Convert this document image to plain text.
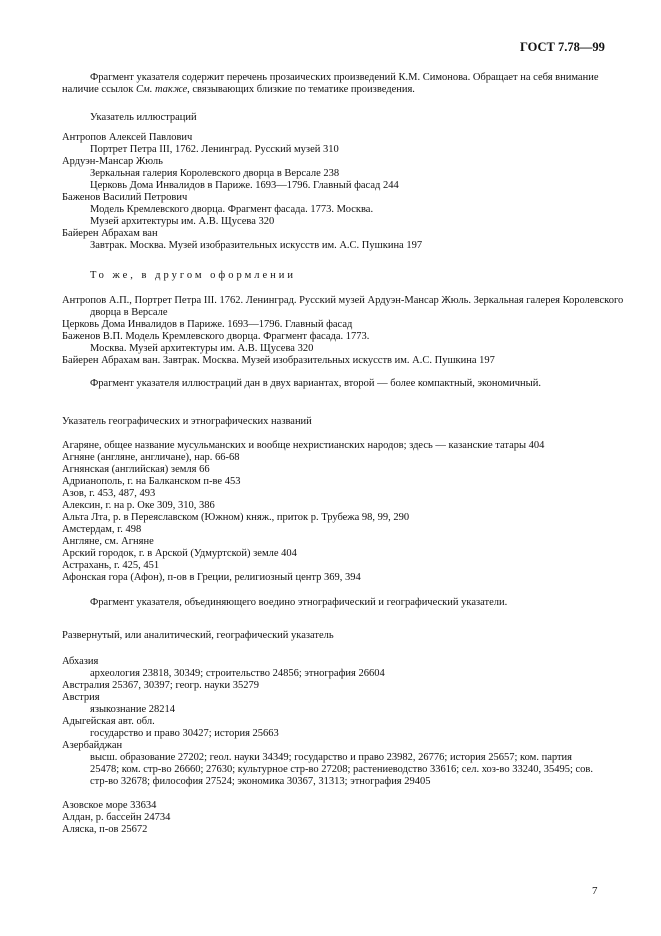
ГОСТ 7.78—99
Фрагмент указателя содержит перечень прозаических произведений К.М. Симонова. Обращает на себя внимание наличие ссылок См. также, связывающих близкие по тематике произведения.
Указатель иллюстраций
Антропов Алексей Павлович
Портрет Петра III, 1762. Ленинград. Русский музей 310
Ардуэн-Мансар Жюль
Зеркальная галерия Королевского дворца в Версале 238
Церковь Дома Инвалидов в Париже. 1693—1796. Главный фасад 244
Баженов Василий Петрович
Модель Кремлевского дворца. Фрагмент фасада. 1773. Москва.
Музей архитектуры им. А.В. Щусева 320
Байерен Абрахам ван
Завтрак. Москва. Музей изобразительных искусств им. А.С. Пушкина 197
То же, в другом оформлении
Антропов А.П., Портрет Петра III. 1762. Ленинград. Русский музей Ардуэн-Мансар Жюль. Зеркальная галерея Королевского дворца в Версале
Церковь Дома Инвалидов в Париже. 1693—1796. Главный фасад
Баженов В.П. Модель Кремлевского дворца. Фрагмент фасада. 1773.
Москва. Музей архитектуры им. А.В. Щусева 320
Байерен Абрахам ван. Завтрак. Москва. Музей изобразительных искусств им. А.С. Пушкина 197
Фрагмент указателя иллюстраций дан в двух вариантах, второй — более компактный, экономичный.
Указатель географических и этнографических названий
Агаряне, общее название мусульманских и вообще нехристианских народов; здесь — казанские татары 404
Агняне (англяне, англичане), нар. 66-68
Агнянская (английская) земля 66
Адрианополь, г. на Балканском п-ве 453
Азов, г. 453, 487, 493
Алексин, г. на р. Оке 309, 310, 386
Альта Лта, р. в Переяславском (Южном) княж., приток р. Трубежа 98, 99, 290
Амстердам, г. 498
Англяне, см. Агняне
Арский городок, г. в Арской (Удмуртской) земле 404
Астрахань, г. 425, 451
Афонская гора (Афон), п-ов в Греции, религиозный центр 369, 394
Фрагмент указателя, объединяющего воедино этнографический и географический указатели.
Развернутый, или аналитический, географический указатель
Абхазия
археология 23818, 30349; строительство 24856; этнография 26604
Австралия 25367, 30397; геогр. науки 35279
Австрия
языкознание 28214
Адыгейская авт. обл.
государство и право 30427; история 25663
Азербайджан
высш. образование 27202; геол. науки 34349; государство и право 23982, 26776; история 25657; ком. партия 25478; ком. стр-во 26660; 27630; культурное стр-во 27208; растениеводство 33616; сел. хоз-во 33240, 35495; сов. стр-во 32678; философия 27524; экономика 30367, 31313; этнография 29405
Азовское море 33634
Алдан, р. бассейн 24734
Аляска, п-ов 25672
7
